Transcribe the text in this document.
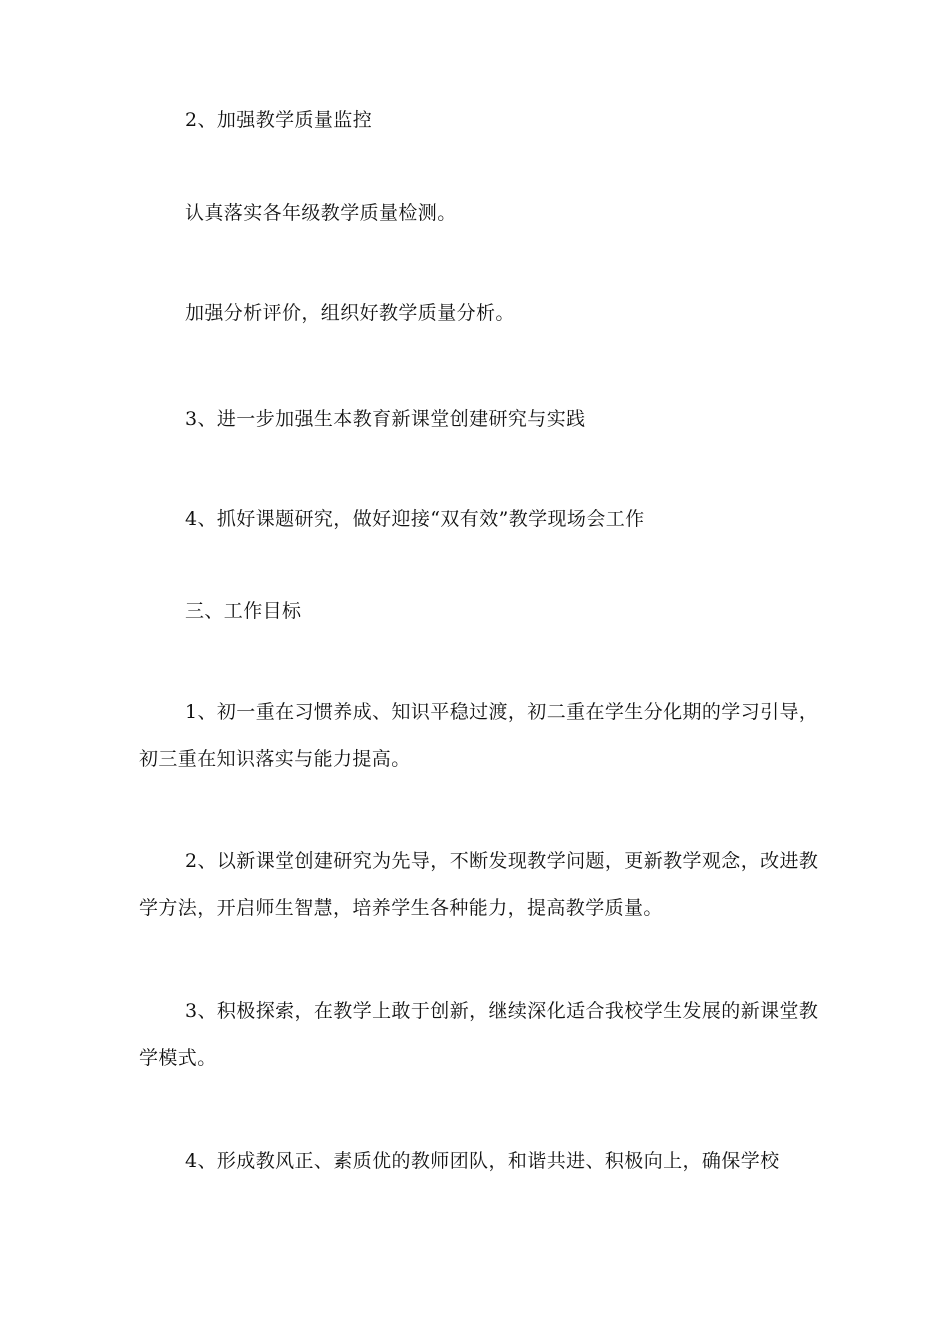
2、加强教学质量监控

认真落实各年级教学质量检测。

加强分析评价，组织好教学质量分析。

3、进一步加强生本教育新课堂创建研究与实践

4、抓好课题研究，做好迎接“双有效”教学现场会工作

三、工作目标

1、初一重在习惯养成、知识平稳过渡，初二重在学生分化期的学习引导，初三重在知识落实与能力提高。

2、以新课堂创建研究为先导，不断发现教学问题，更新教学观念，改进教学方法，开启师生智慧，培养学生各种能力，提高教学质量。

3、积极探索，在教学上敢于创新，继续深化适合我校学生发展的新课堂教学模式。

4、形成教风正、素质优的教师团队，和谐共进、积极向上，确保学校
